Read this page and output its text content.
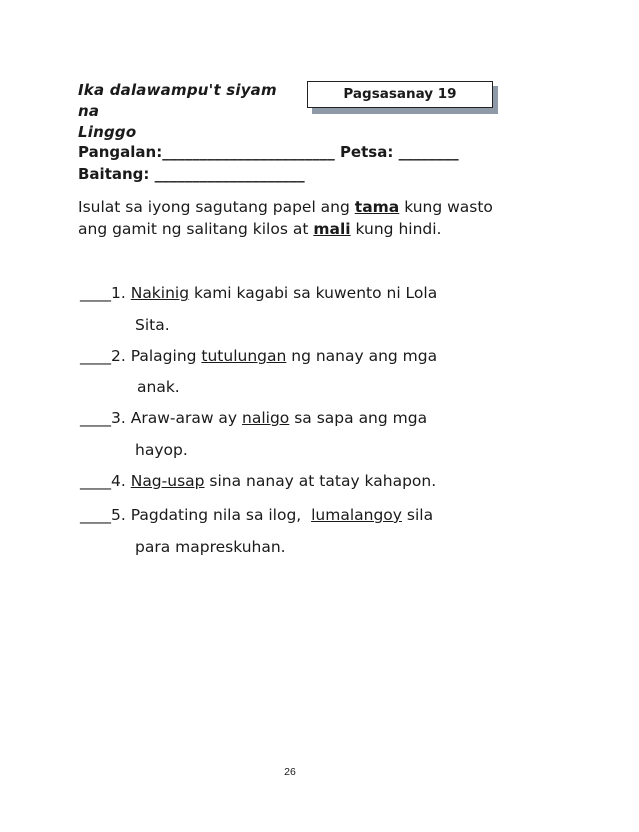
Ika dalawampu't siyam na
Linggo
Pagsasanay 19
Pangalan:_______________________ Petsa: ________
Baitang: ____________________
Isulat sa iyong sagutang papel ang tama kung wasto ang gamit ng salitang kilos at mali kung hindi.
____1. Nakinig kami kagabi sa kuwento ni Lola
Sita.
____2. Palaging tutulungan ng nanay ang mga
anak.
____3. Araw-araw ay naligo sa sapa ang mga
hayop.
____4. Nag-usap sina nanay at tatay kahapon.
____5. Pagdating nila sa ilog,  lumalangoy sila
para mapreskuhan.
26
